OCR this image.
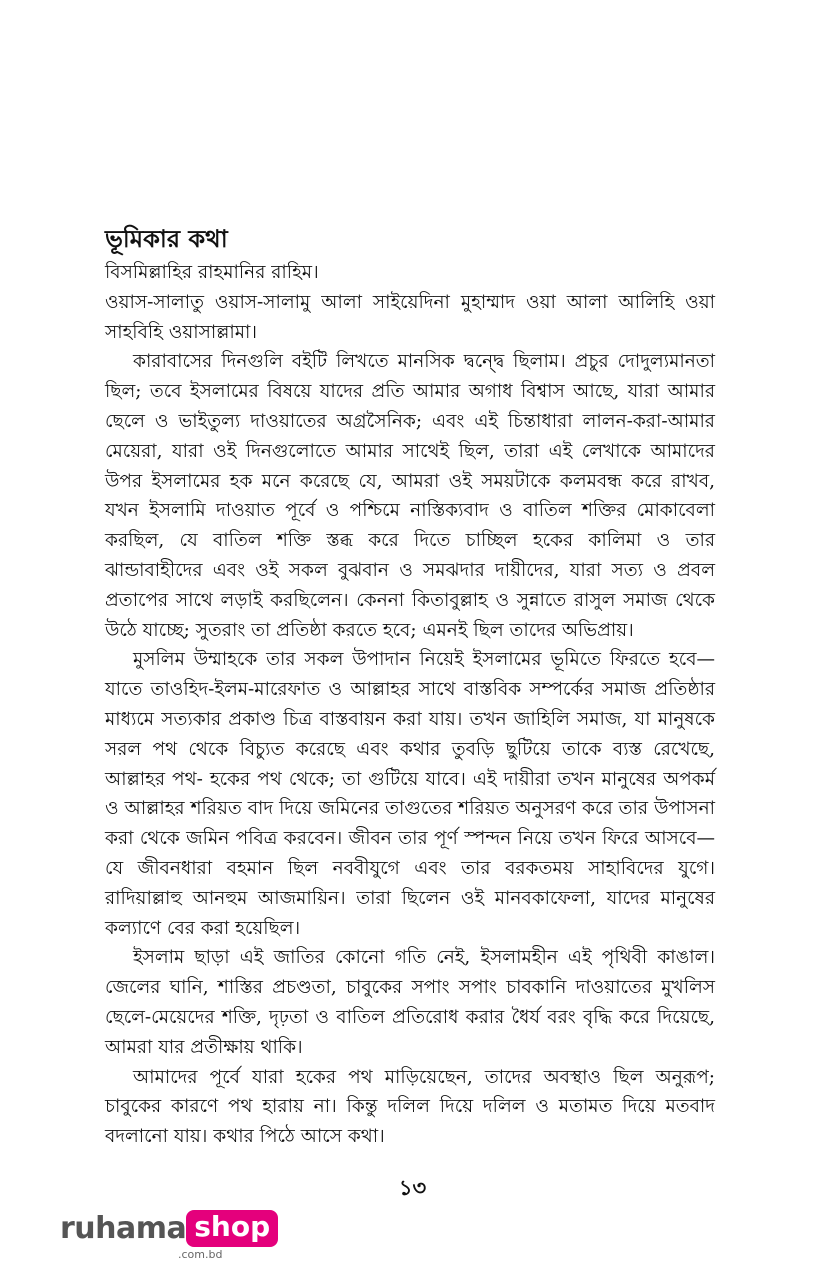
ভূমিকার কথা

বিসমিল্লাহির রাহমানির রাহিম।

ওয়াস-সালাতু ওয়াস-সালামু আলা সাইয়েদিনা মুহাম্মাদ ওয়া আলা আলিহি ওয়া সাহবিহি ওয়াসাল্লামা।

কারাবাসের দিনগুলি বইটি লিখতে মানসিক দ্বন্দ্বে ছিলাম। প্রচুর দোদুল্যমানতা ছিল; তবে ইসলামের বিষয়ে যাদের প্রতি আমার অগাধ বিশ্বাস আছে, যারা আমার ছেলে ও ভাইতুল্য দাওয়াতের অগ্রসৈনিক; এবং এই চিন্তাধারা লালন-করা-আমার মেয়েরা, যারা ওই দিনগুলোতে আমার সাথেই ছিল, তারা এই লেখাকে আমাদের উপর ইসলামের হক মনে করেছে যে, আমরা ওই সময়টাকে কলমবন্ধ করে রাখব, যখন ইসলামি দাওয়াত পূর্বে ও পশ্চিমে নাস্তিক্যবাদ ও বাতিল শক্তির মোকাবেলা করছিল, যে বাতিল শক্তি স্তব্ধ করে দিতে চাচ্ছিল হকের কালিমা ও তার ঝান্ডাবাহীদের এবং ওই সকল বুঝবান ও সমঝদার দায়ীদের, যারা সত্য ও প্রবল প্রতাপের সাথে লড়াই করছিলেন। কেননা কিতাবুল্লাহ ও সুন্নাতে রাসুল সমাজ থেকে উঠে যাচ্ছে; সুতরাং তা প্রতিষ্ঠা করতে হবে; এমনই ছিল তাদের অভিপ্রায়।

মুসলিম উম্মাহকে তার সকল উপাদান নিয়েই ইসলামের ভূমিতে ফিরতে হবে—যাতে তাওহিদ-ইলম-মারেফাত ও আল্লাহর সাথে বাস্তবিক সম্পর্কের সমাজ প্রতিষ্ঠার মাধ্যমে সত্যকার প্রকাণ্ড চিত্র বাস্তবায়ন করা যায়। তখন জাহিলি সমাজ, যা মানুষকে সরল পথ থেকে বিচ্যুত করেছে এবং কথার তুবড়ি ছুটিয়ে তাকে ব্যস্ত রেখেছে, আল্লাহর পথ- হকের পথ থেকে; তা গুটিয়ে যাবে। এই দায়ীরা তখন মানুষের অপকর্ম ও আল্লাহর শরিয়ত বাদ দিয়ে জমিনের তাগুতের শরিয়ত অনুসরণ করে তার উপাসনা করা থেকে জমিন পবিত্র করবেন। জীবন তার পূর্ণ স্পন্দন নিয়ে তখন ফিরে আসবে—যে জীবনধারা বহমান ছিল নববীযুগে এবং তার বরকতময় সাহাবিদের যুগে। রাদিয়াল্লাহু আনহুম আজমায়িন। তারা ছিলেন ওই মানবকাফেলা, যাদের মানুষের কল্যাণে বের করা হয়েছিল।

ইসলাম ছাড়া এই জাতির কোনো গতি নেই, ইসলামহীন এই পৃথিবী কাঙাল। জেলের ঘানি, শাস্তির প্রচণ্ডতা, চাবুকের সপাং সপাং চাবকানি দাওয়াতের মুখলিস ছেলে-মেয়েদের শক্তি, দৃঢ়তা ও বাতিল প্রতিরোধ করার ধৈর্য বরং বৃদ্ধি করে দিয়েছে, আমরা যার প্রতীক্ষায় থাকি।

আমাদের পূর্বে যারা হকের পথ মাড়িয়েছেন, তাদের অবস্থাও ছিল অনুরূপ; চাবুকের কারণে পথ হারায় না। কিন্তু দলিল দিয়ে দলিল ও মতামত দিয়ে মতবাদ বদলানো যায়। কথার পিঠে আসে কথা।

১৩
ruhama shop
.com.bd
